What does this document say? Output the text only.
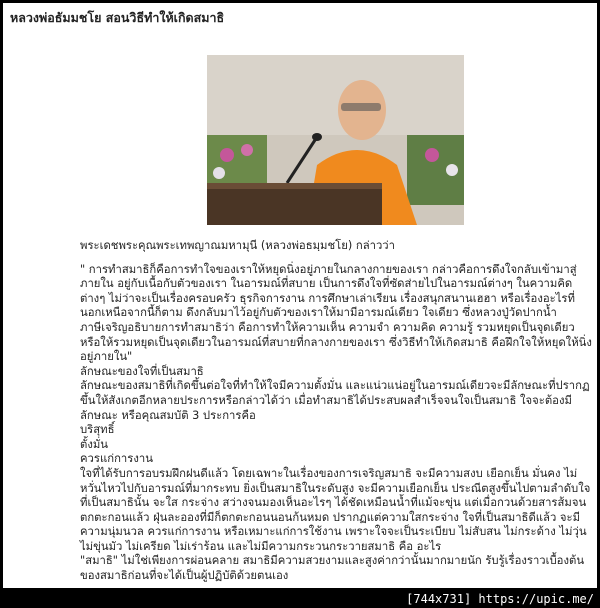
หลวงพ่อธัมมชโย สอนวิธีทำให้เกิดสมาธิ

พระเดชพระคุณพระเทพญาณมหามุนี (หลวงพ่อธมฺมชโย) กล่าวว่า

" การทำสมาธิก็คือการทำใจของเราให้หยุดนิ่งอยู่ภายในกลางกายของเรา กล่าวคือการดึงใจกลับเข้ามาสู่ภายใน อยู่กับเนื้อกับตัวของเรา ในอารมณ์ที่สบาย เป็นการดึงใจที่ซัดส่ายไปในอารมณ์ต่างๆ ในความคิดต่างๆ ไม่ว่าจะเป็นเรื่องครอบครัว ธุรกิจการงาน การศึกษาเล่าเรียน เรื่องสนุกสนานเฮฮา หรือเรื่องอะไรที่นอกเหนือจากนี้ก็ตาม ดึงกลับมาไว้อยู่กับตัวของเราให้มามีอารมณ์เดียว ใจเดียว ซึ่งหลวงปู่วัดปากน้ำภาษีเจริญอธิบายการทำสมาธิว่า คือการทำให้ความเห็น ความจำ ความคิด ความรู้ รวมหยุดเป็นจุดเดียว หรือให้รวมหยุดเป็นจุดเดียวในอารมณ์ที่สบายที่กลางกายของเรา ซึ่งวิธีทำให้เกิดสมาธิ คือฝึกใจให้หยุดให้นิ่งอยู่ภายใน"

ลักษณะของใจที่เป็นสมาธิ

ลักษณะของสมาธิที่เกิดขึ้นต่อใจที่ทำให้ใจมีความตั้งมั่น และแน่วแน่อยู่ในอารมณ์เดียวจะมีลักษณะที่ปรากฏขึ้นให้สังเกตอีกหลายประการหรือกล่าวได้ว่า เมื่อทำสมาธิได้ประสบผลสำเร็จจนใจเป็นสมาธิ ใจจะต้องมีลักษณะ หรือคุณสมบัติ 3 ประการคือ

บริสุทธิ์

ตั้งมั่น

ควรแก่การงาน

ใจที่ได้รับการอบรมฝึกฝนดีแล้ว โดยเฉพาะในเรื่องของการเจริญสมาธิ จะมีความสงบ เยือกเย็น มั่นคง ไม่หวั่นไหวไปกับอารมณ์ที่มากระทบ ยิ่งเป็นสมาธิในระดับสูง จะมีความเยือกเย็น ประณีตสูงขึ้นไปตามลำดับใจที่เป็นสมาธินั้น จะใส กระจ่าง สว่างจนมองเห็นอะไรๆ ได้ชัดเหมือนน้ำที่แม้จะขุ่น แต่เมื่อกวนด้วยสารส้มจนตกตะกอนแล้ว ฝุ่นละอองที่มีก็ตกตะกอนนอนก้นหมด ปรากฏแต่ความใสกระจ่าง ใจที่เป็นสมาธิดีแล้ว จะมีความนุ่มนวล ควรแก่การงาน หรือเหมาะแก่การใช้งาน เพราะใจจะเป็นระเบียบ ไม่สับสน ไม่กระด้าง ไม่วุ่นไม่ขุ่นมัว ไม่เครียด ไม่เร่าร้อน และไม่มีความกระวนกระวายสมาธิ คือ อะไร

"สมาธิ" ไม่ใช่เพียงการผ่อนคลาย สมาธิมีความสวยงามและสูงค่ากว่านั้นมากมายนัก รับรู้เรื่องราวเบื้องต้นของสมาธิก่อนที่จะได้เป็นผู้ปฏิบัติด้วยตนเอง

[744x731] https://upic.me/
